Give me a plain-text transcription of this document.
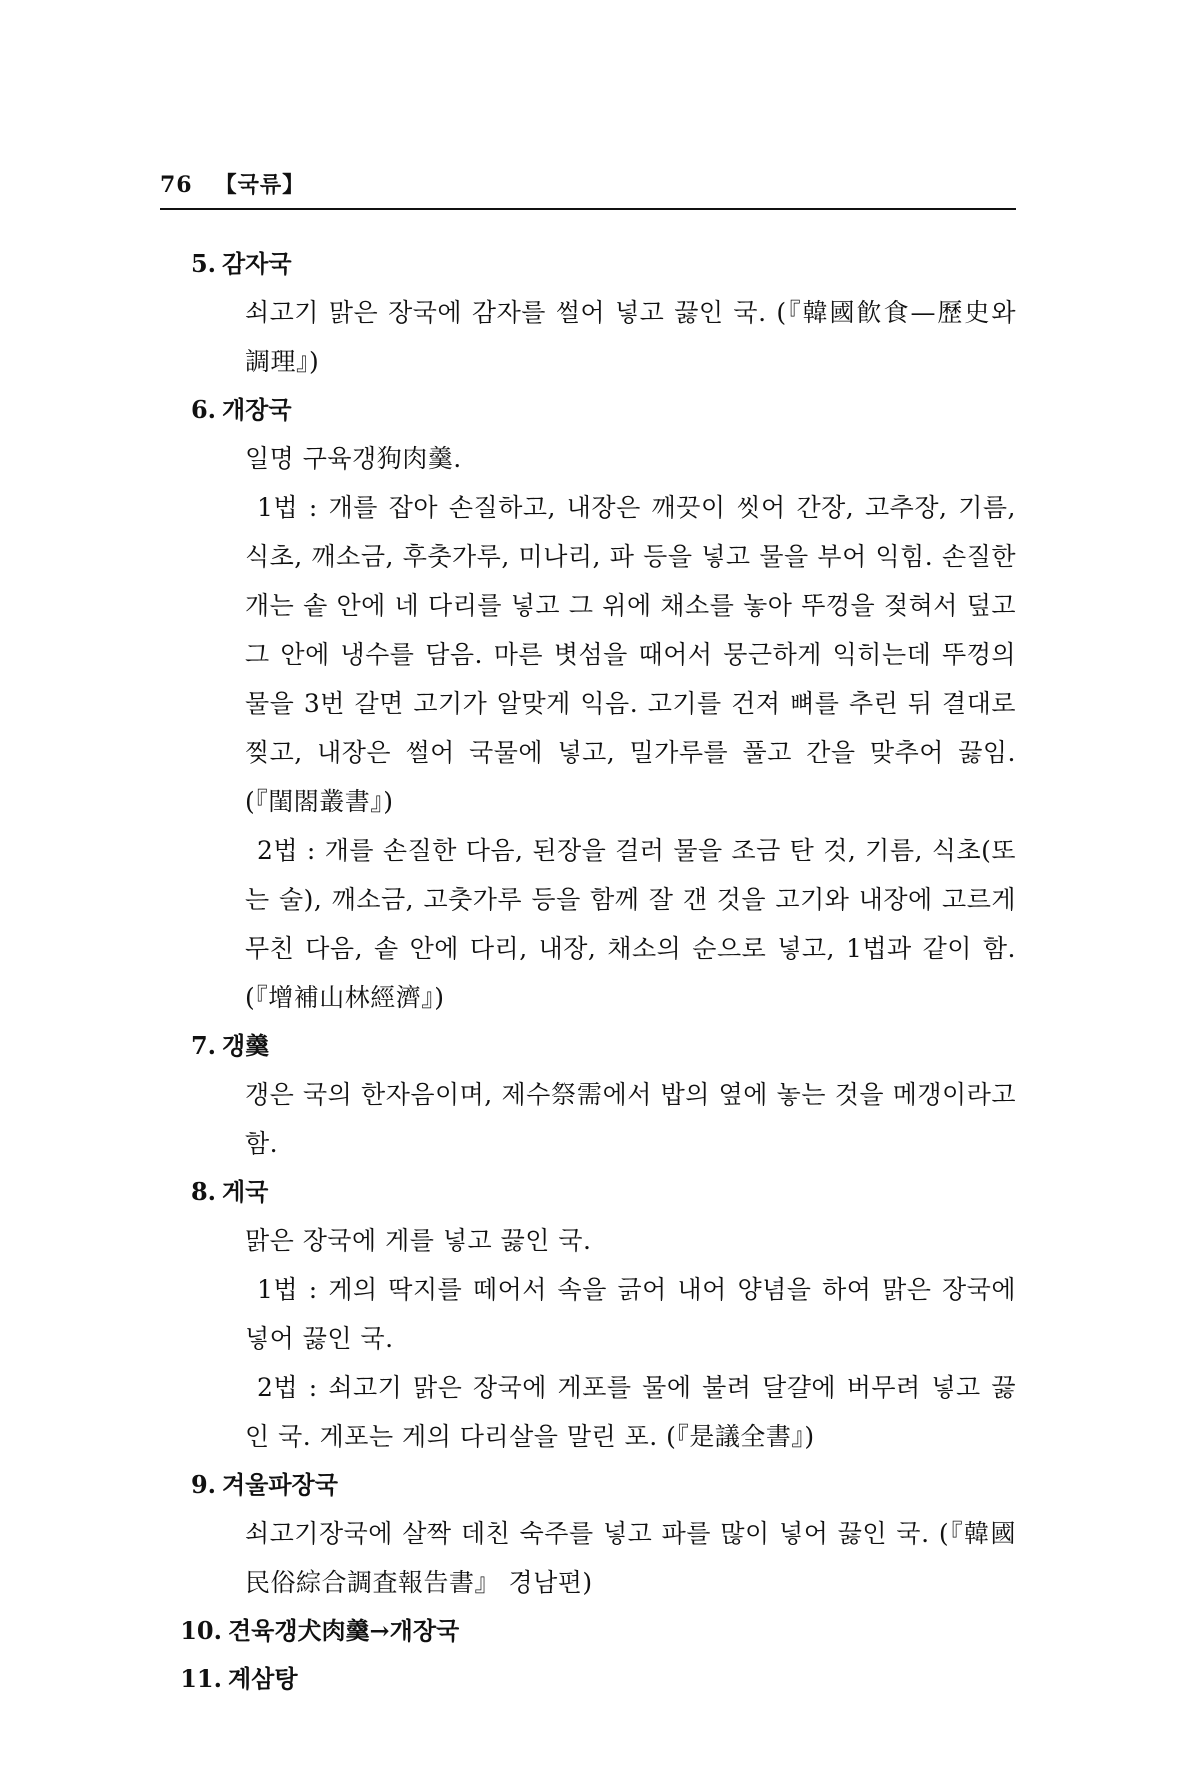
76 【국류】
5. 감자국

쇠고기 맑은 장국에 감자를 썰어 넣고 끓인 국. (『韓國飮食—歷史와 調理』)

6. 개장국

일명 구육갱狗肉羹.

1법 : 개를 잡아 손질하고, 내장은 깨끗이 씻어 간장, 고추장, 기름, 식초, 깨소금, 후춧가루, 미나리, 파 등을 넣고 물을 부어 익힘. 손질한 개는 솥 안에 네 다리를 넣고 그 위에 채소를 놓아 뚜껑을 젖혀서 덮고 그 안에 냉수를 담음. 마른 볏섬을 때어서 뭉근하게 익히는데 뚜껑의 물을 3번 갈면 고기가 알맞게 익음. 고기를 건져 뼈를 추린 뒤 결대로 찢고, 내장은 썰어 국물에 넣고, 밀가루를 풀고 간을 맞추어 끓임. (『閨閤叢書』)

2법 : 개를 손질한 다음, 된장을 걸러 물을 조금 탄 것, 기름, 식초(또는 술), 깨소금, 고춧가루 등을 함께 잘 갠 것을 고기와 내장에 고르게 무친 다음, 솥 안에 다리, 내장, 채소의 순으로 넣고, 1법과 같이 함. (『增補山林經濟』)

7. 갱羹

갱은 국의 한자음이며, 제수祭需에서 밥의 옆에 놓는 것을 메갱이라고 함.

8. 게국

맑은 장국에 게를 넣고 끓인 국.

1법 : 게의 딱지를 떼어서 속을 긁어 내어 양념을 하여 맑은 장국에 넣어 끓인 국.

2법 : 쇠고기 맑은 장국에 게포를 물에 불려 달걀에 버무려 넣고 끓인 국. 게포는 게의 다리살을 말린 포. (『是議全書』)

9. 겨울파장국

쇠고기장국에 살짝 데친 숙주를 넣고 파를 많이 넣어 끓인 국. (『韓國民俗綜合調査報告書』 경남편)

10. 견육갱犬肉羹→개장국
11. 계삼탕
